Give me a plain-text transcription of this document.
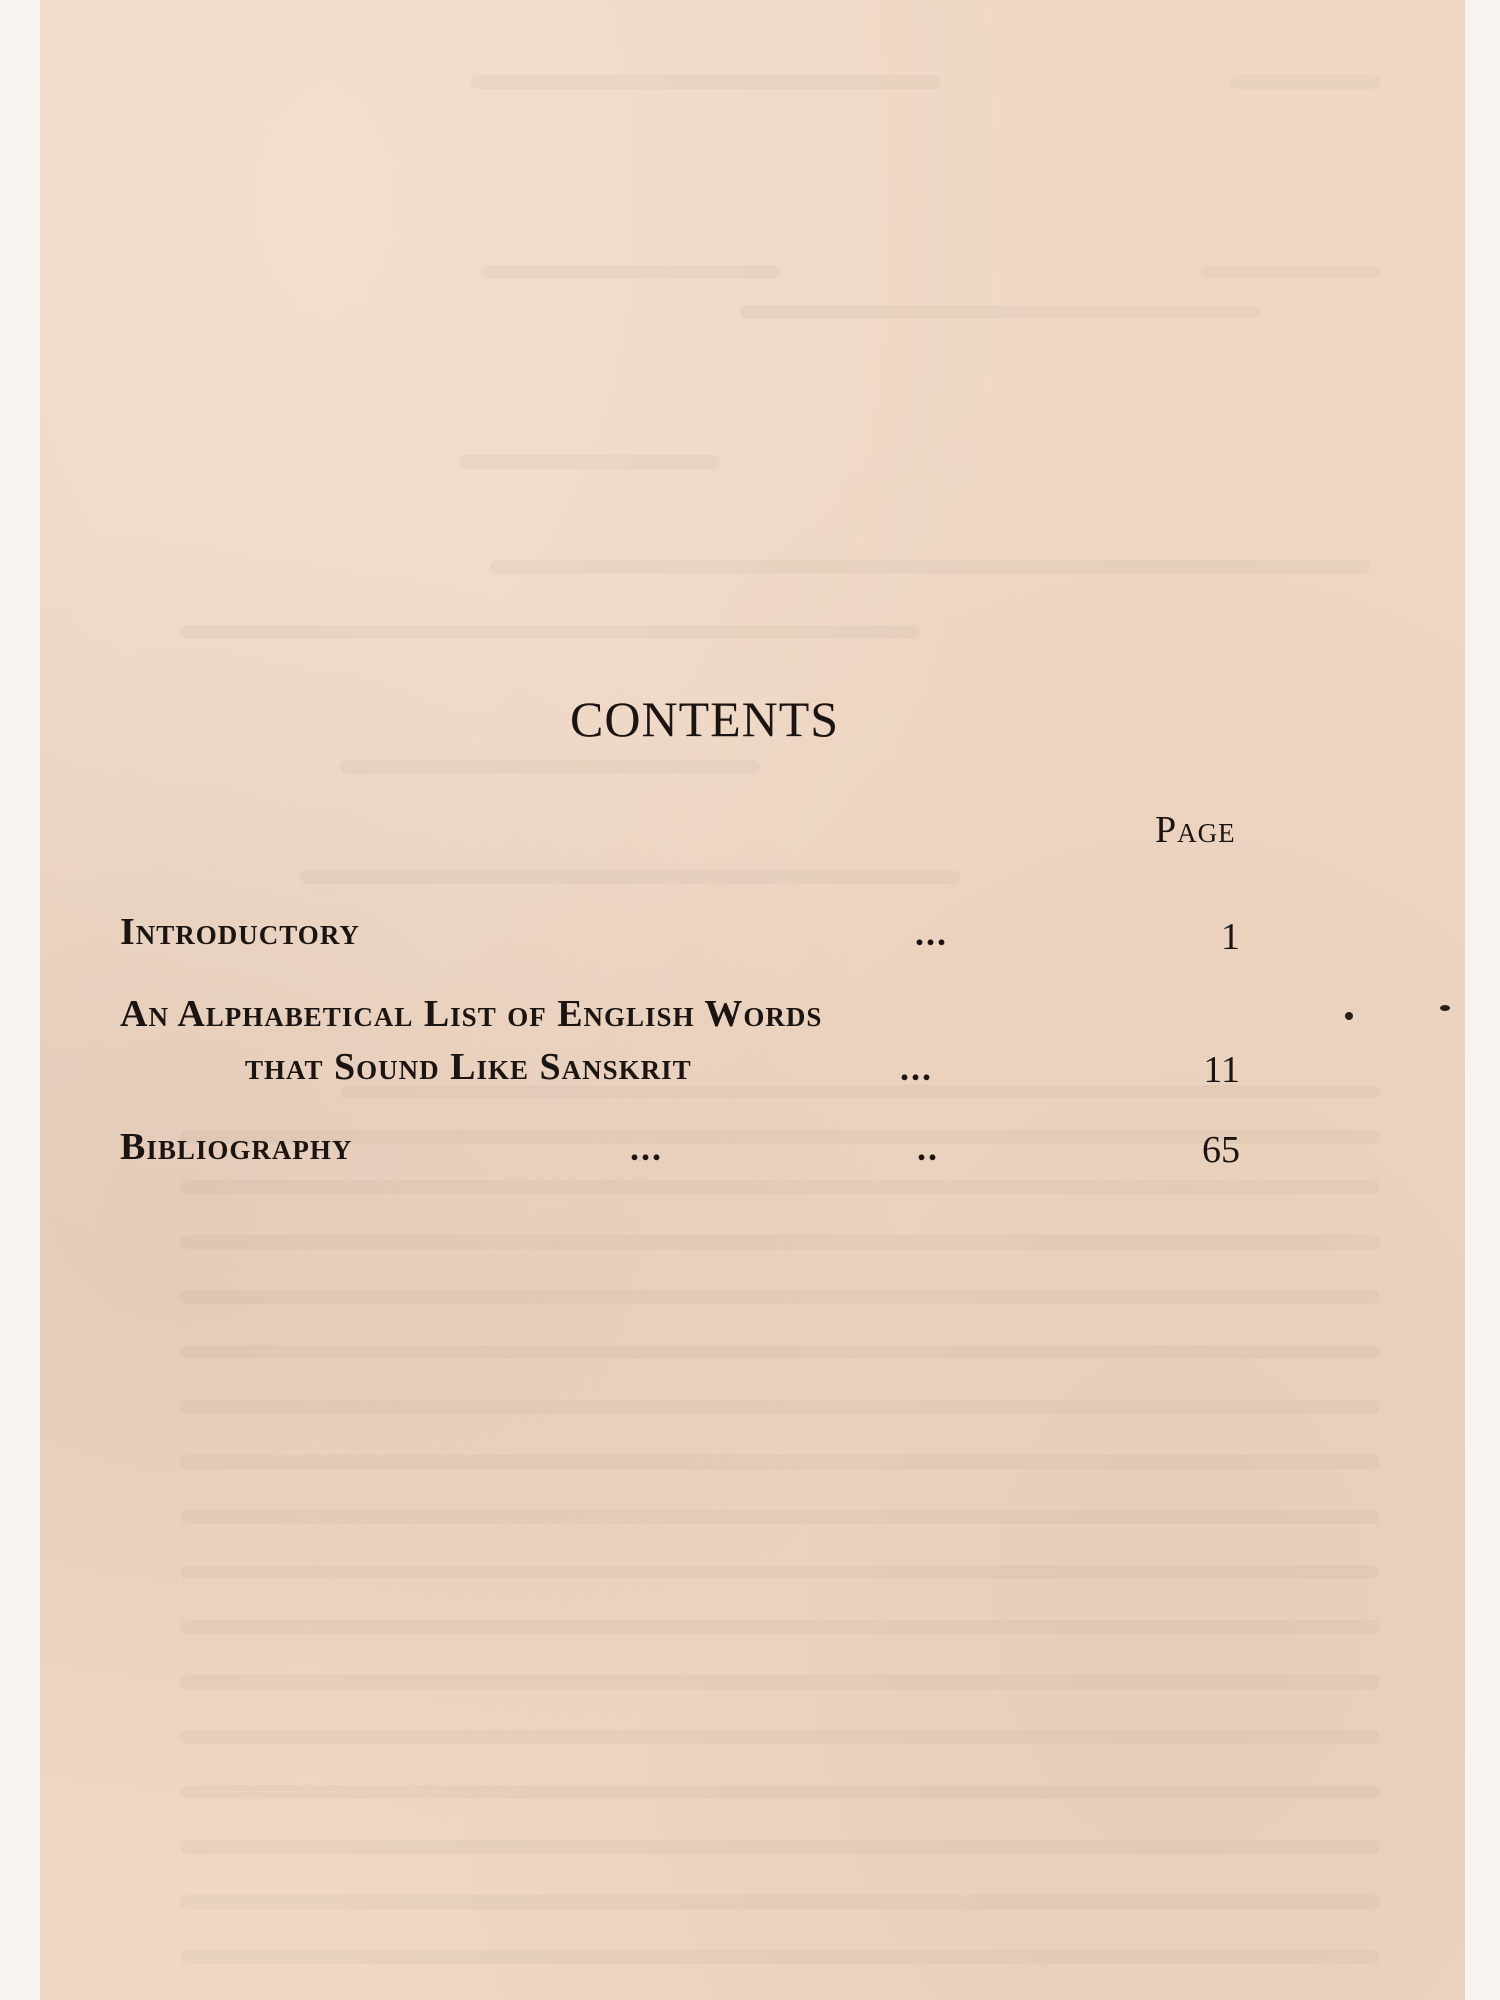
CONTENTS
Page
Introductory	...	1
An Alphabetical List of English Words
that Sound Like Sanskrit	...	11
Bibliography	...	..	65
